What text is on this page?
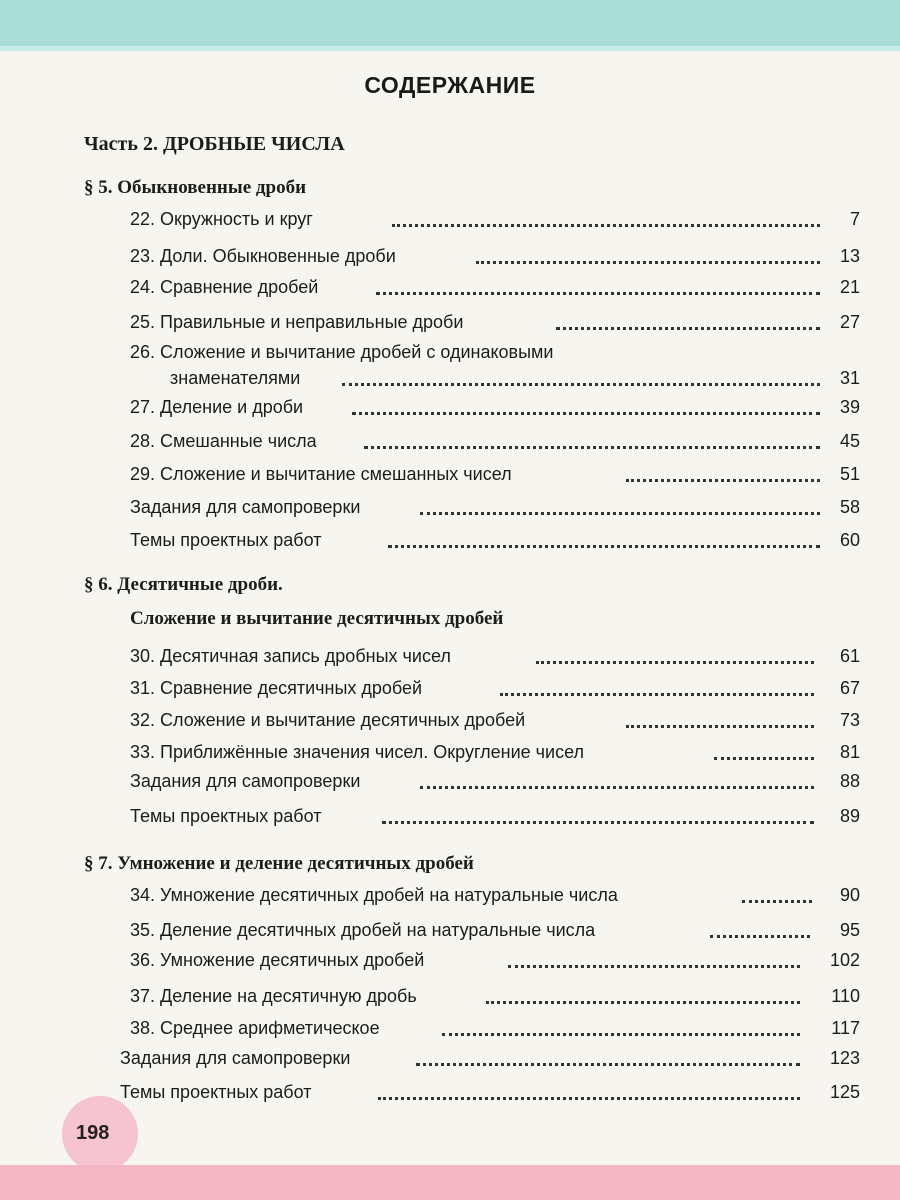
СОДЕРЖАНИЕ
Часть 2. ДРОБНЫЕ ЧИСЛА
§ 5. Обыкновенные дроби
22. Окружность и круг	7
23. Доли. Обыкновенные дроби	13
24. Сравнение дробей	21
25. Правильные и неправильные дроби	27
26. Сложение и вычитание дробей с одинаковыми
знаменателями	31
27. Деление и дроби	39
28. Смешанные числа	45
29. Сложение и вычитание смешанных чисел	51
Задания для самопроверки	58
Темы проектных работ	60
§ 6. Десятичные дроби.
Сложение и вычитание десятичных дробей
30. Десятичная запись дробных чисел	61
31. Сравнение десятичных дробей	67
32. Сложение и вычитание десятичных дробей	73
33. Приближённые значения чисел. Округление чисел	81
Задания для самопроверки	88
Темы проектных работ	89
§ 7. Умножение и деление десятичных дробей
34. Умножение десятичных дробей на натуральные числа	90
35. Деление десятичных дробей на натуральные числа	95
36. Умножение десятичных дробей	102
37. Деление на десятичную дробь	110
38. Среднее арифметическое	117
Задания для самопроверки	123
Темы проектных работ	125
198
